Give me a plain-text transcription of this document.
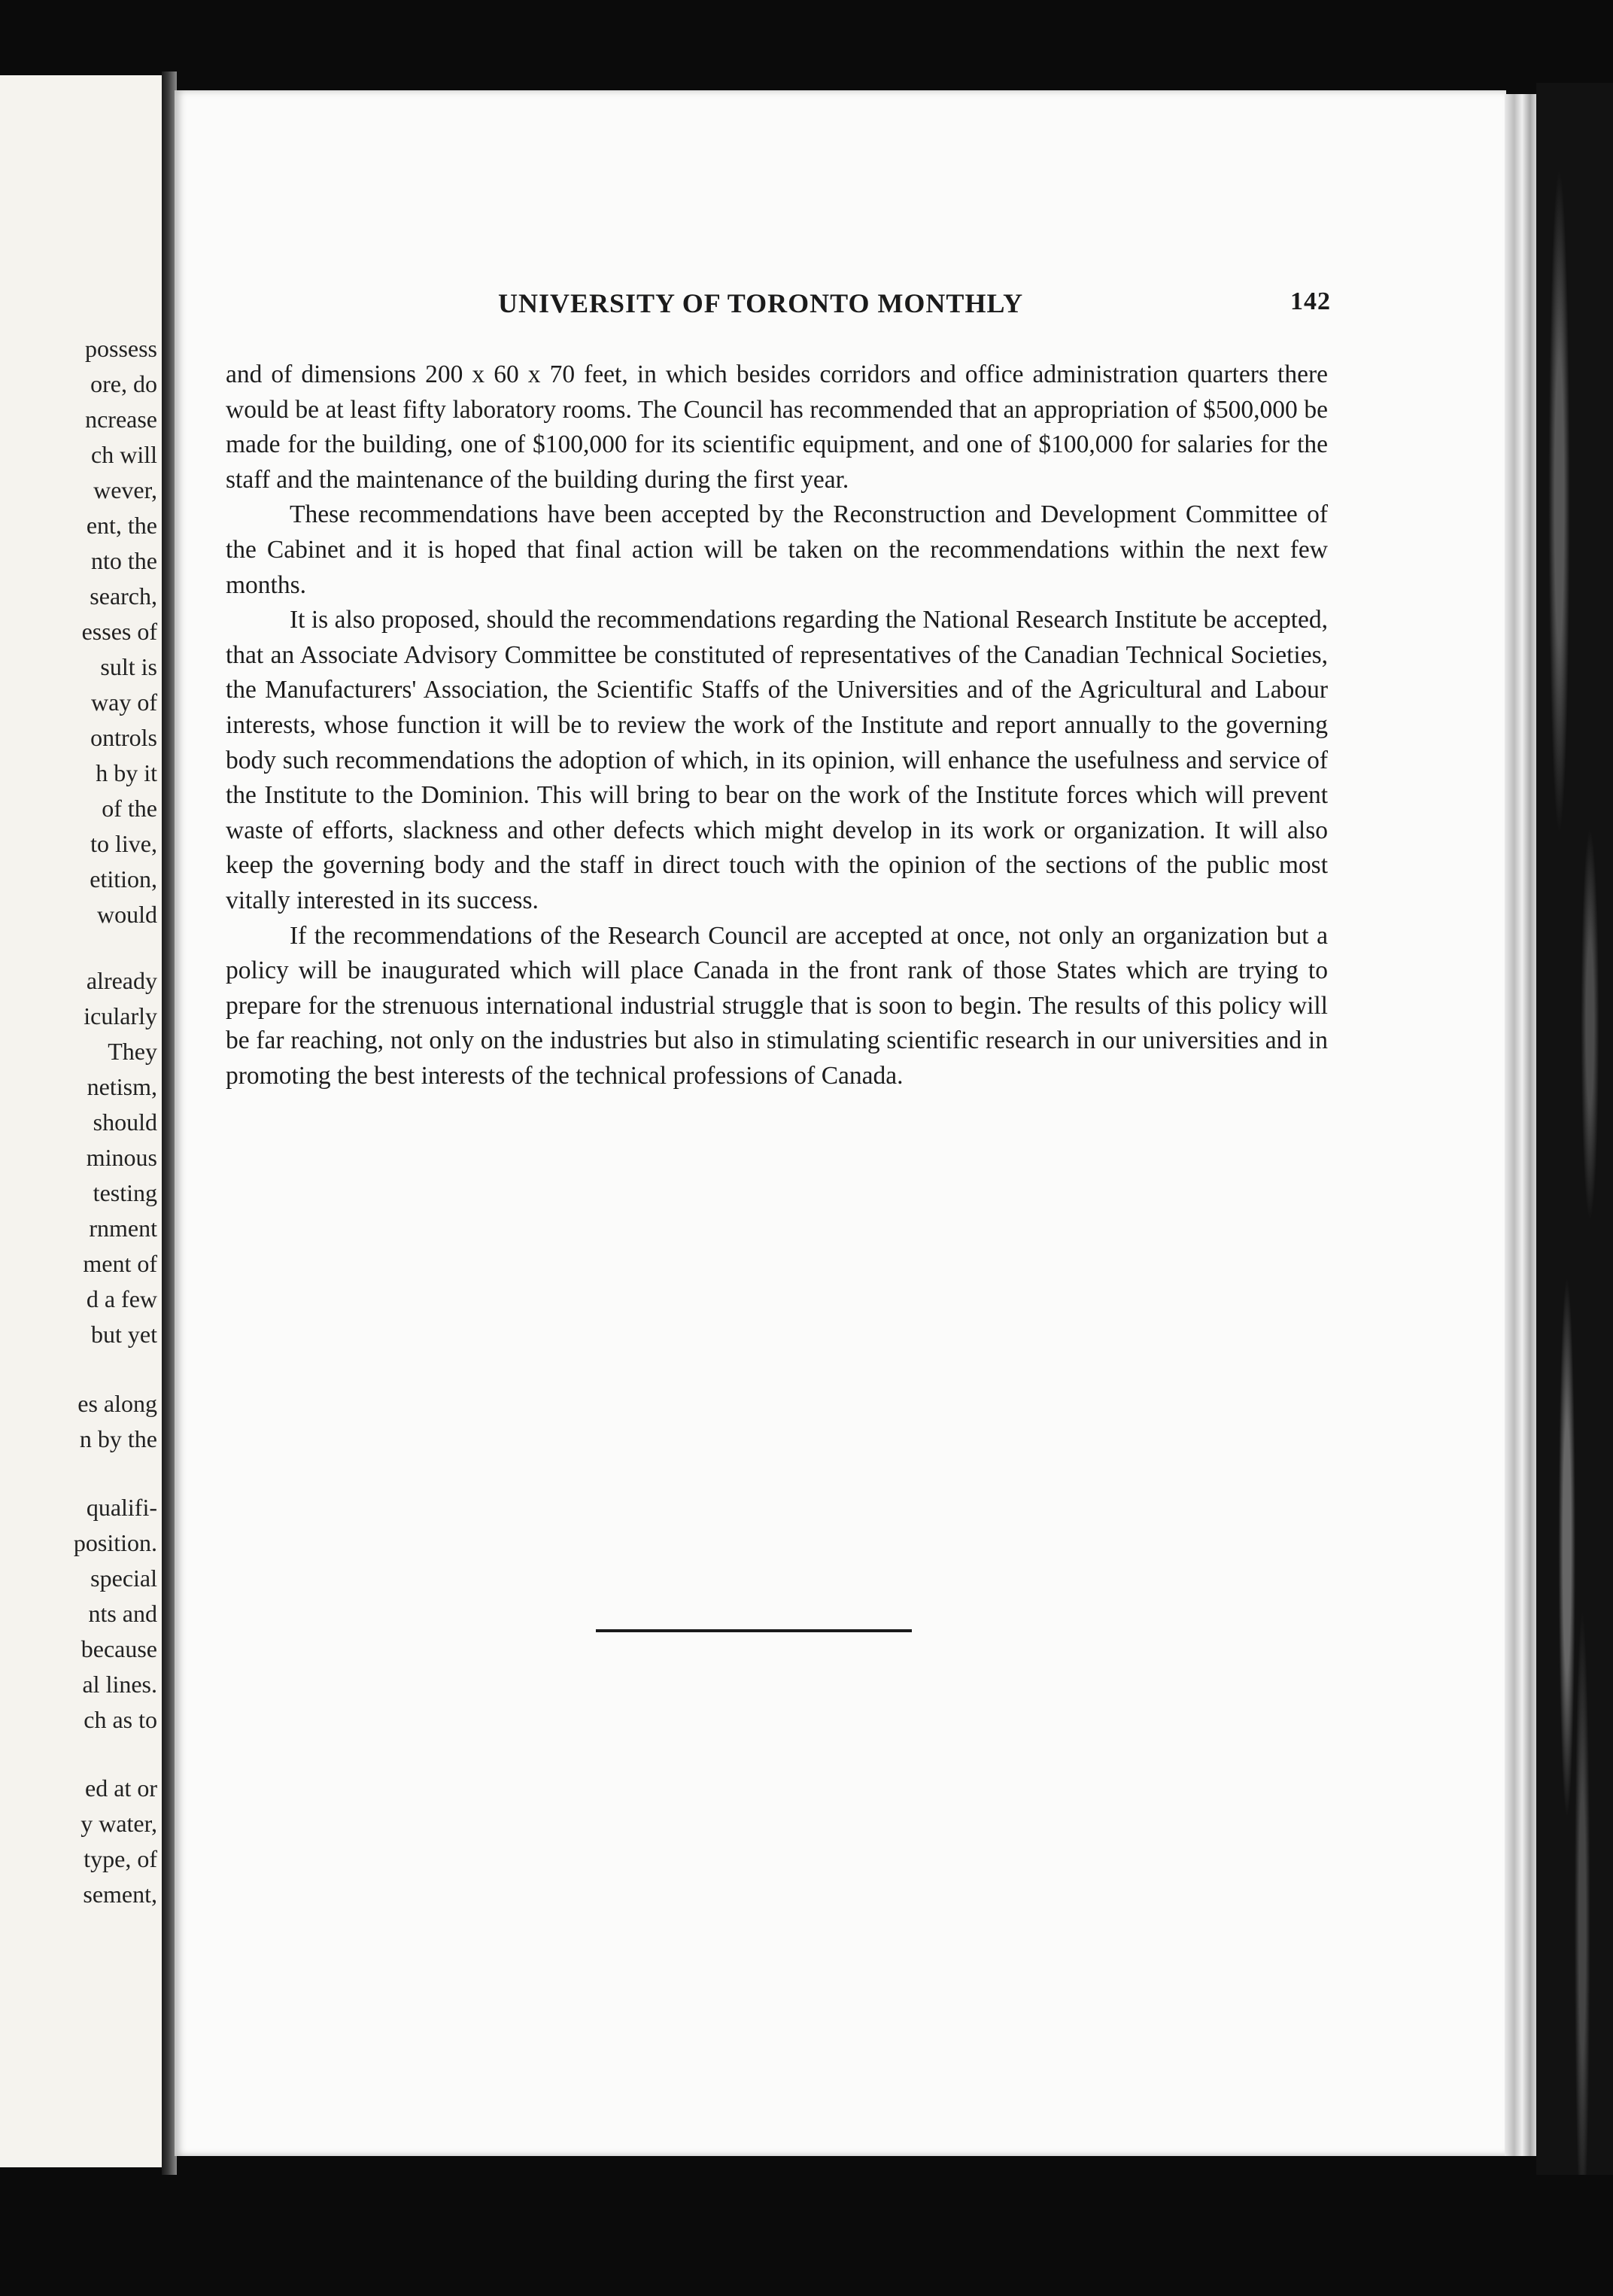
possess
ore, do
ncrease
ch will
wever,
ent, the
nto the
search,
esses of
sult is
way of
ontrols
h by it
of the
to live,
etition,
would
already
icularly
They
netism,
should
minous
testing
rnment
ment of
d a few
but yet
es along
n by the
qualifi-
position.
special
nts and
because
al lines.
ch as to
ed at or
y water,
type, of
sement,
UNIVERSITY OF TORONTO MONTHLY	142

and of dimensions 200 x 60 x 70 feet, in which besides corridors and office administration quarters there would be at least fifty laboratory rooms. The Council has recommended that an appropriation of $500,000 be made for the building, one of $100,000 for its scientific equipment, and one of $100,000 for salaries for the staff and the maintenance of the building during the first year.

These recommendations have been accepted by the Reconstruction and Development Committee of the Cabinet and it is hoped that final action will be taken on the recommendations within the next few months.

It is also proposed, should the recommendations regarding the National Research Institute be accepted, that an Associate Advisory Committee be constituted of representatives of the Canadian Technical Societies, the Manufacturers' Association, the Scientific Staffs of the Universities and of the Agricultural and Labour interests, whose function it will be to review the work of the Institute and report annually to the governing body such recommendations the adoption of which, in its opinion, will enhance the usefulness and service of the Institute to the Dominion. This will bring to bear on the work of the Institute forces which will prevent waste of efforts, slackness and other defects which might develop in its work or organization. It will also keep the governing body and the staff in direct touch with the opinion of the sections of the public most vitally interested in its success.

If the recommendations of the Research Council are accepted at once, not only an organization but a policy will be inaugurated which will place Canada in the front rank of those States which are trying to prepare for the strenuous international industrial struggle that is soon to begin. The results of this policy will be far reaching, not only on the industries but also in stimulating scientific research in our universities and in promoting the best interests of the technical professions of Canada.
